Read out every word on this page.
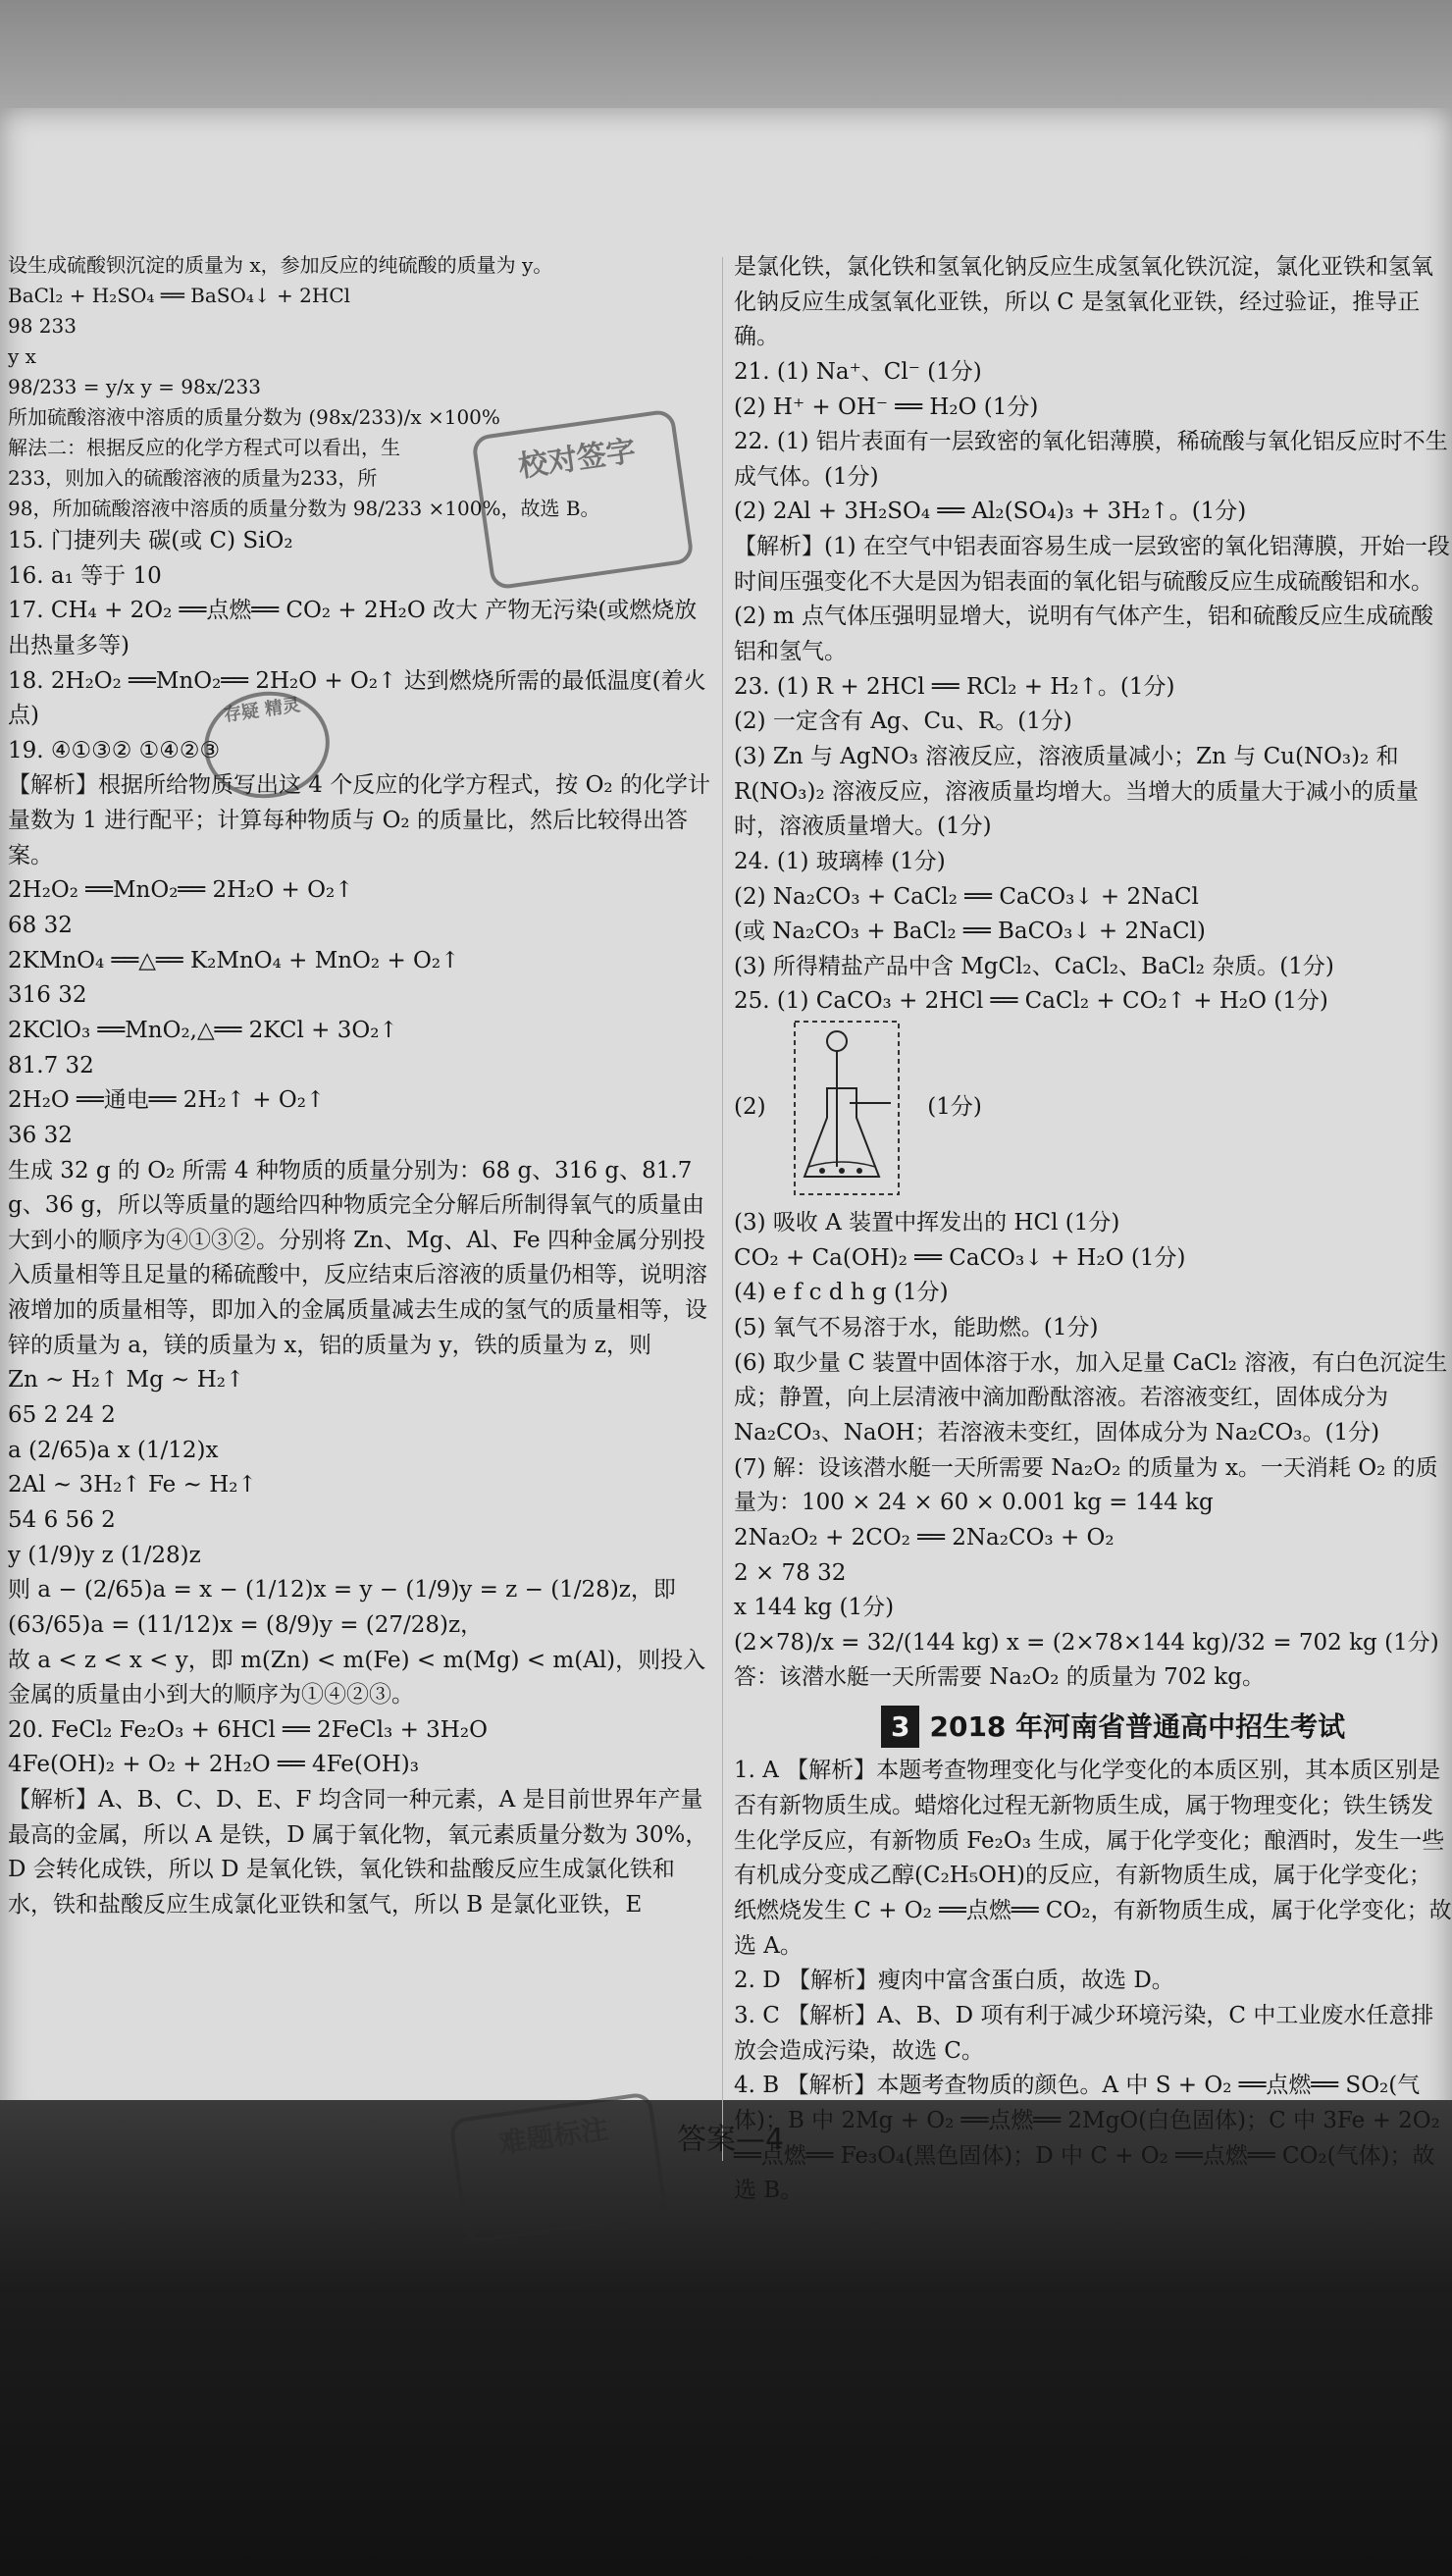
设生成硫酸钡沉淀的质量为 x，参加反应的纯硫酸的质量为 y。

BaCl₂ + H₂SO₄ ══ BaSO₄↓ + 2HCl

98 233

y x

98/233 = y/x y = 98x/233

所加硫酸溶液中溶质的质量分数为 (98x/233)/x ×100%

解法二：根据反应的化学方程式可以看出，生

233，则加入的硫酸溶液的质量为233，所

98，所加硫酸溶液中溶质的质量分数为 98/233 ×100%，故选 B。

15. 门捷列夫 碳(或 C) SiO₂

16. a₁ 等于 10

17. CH₄ + 2O₂ ══点燃══ CO₂ + 2H₂O 改大 产物无污染(或燃烧放出热量多等)

18. 2H₂O₂ ══MnO₂══ 2H₂O + O₂↑ 达到燃烧所需的最低温度(着火点)

19. ④①③② ①④②③

【解析】根据所给物质写出这 4 个反应的化学方程式，按 O₂ 的化学计量数为 1 进行配平；计算每种物质与 O₂ 的质量比，然后比较得出答案。

2H₂O₂ ══MnO₂══ 2H₂O + O₂↑

68 32

2KMnO₄ ══△══ K₂MnO₄ + MnO₂ + O₂↑

316 32

2KClO₃ ══MnO₂,△══ 2KCl + 3O₂↑

81.7 32

2H₂O ══通电══ 2H₂↑ + O₂↑

36 32

生成 32 g 的 O₂ 所需 4 种物质的质量分别为：68 g、316 g、81.7 g、36 g，所以等质量的题给四种物质完全分解后所制得氧气的质量由大到小的顺序为④①③②。分别将 Zn、Mg、Al、Fe 四种金属分别投入质量相等且足量的稀硫酸中，反应结束后溶液的质量仍相等，说明溶液增加的质量相等，即加入的金属质量减去生成的氢气的质量相等，设锌的质量为 a，镁的质量为 x，铝的质量为 y，铁的质量为 z，则

Zn ~ H₂↑ Mg ~ H₂↑

65 2 24 2

a (2/65)a x (1/12)x

2Al ~ 3H₂↑ Fe ~ H₂↑

54 6 56 2

y (1/9)y z (1/28)z

则 a − (2/65)a = x − (1/12)x = y − (1/9)y = z − (1/28)z，即 (63/65)a = (11/12)x = (8/9)y = (27/28)z，

故 a < z < x < y，即 m(Zn) < m(Fe) < m(Mg) < m(Al)，则投入金属的质量由小到大的顺序为①④②③。

20. FeCl₂ Fe₂O₃ + 6HCl ══ 2FeCl₃ + 3H₂O

4Fe(OH)₂ + O₂ + 2H₂O ══ 4Fe(OH)₃

【解析】A、B、C、D、E、F 均含同一种元素，A 是目前世界年产量最高的金属，所以 A 是铁，D 属于氧化物，氧元素质量分数为 30%，D 会转化成铁，所以 D 是氧化铁，氧化铁和盐酸反应生成氯化铁和水，铁和盐酸反应生成氯化亚铁和氢气，所以 B 是氯化亚铁，E

是氯化铁，氯化铁和氢氧化钠反应生成氢氧化铁沉淀，氯化亚铁和氢氧化钠反应生成氢氧化亚铁，所以 C 是氢氧化亚铁，经过验证，推导正确。

21. (1) Na⁺、Cl⁻ (1分)

(2) H⁺ + OH⁻ ══ H₂O (1分)

22. (1) 铝片表面有一层致密的氧化铝薄膜，稀硫酸与氧化铝反应时不生成气体。(1分)

(2) 2Al + 3H₂SO₄ ══ Al₂(SO₄)₃ + 3H₂↑。(1分)

【解析】(1) 在空气中铝表面容易生成一层致密的氧化铝薄膜，开始一段时间压强变化不大是因为铝表面的氧化铝与硫酸反应生成硫酸铝和水。(2) m 点气体压强明显增大，说明有气体产生，铝和硫酸反应生成硫酸铝和氢气。

23. (1) R + 2HCl ══ RCl₂ + H₂↑。(1分)

(2) 一定含有 Ag、Cu、R。(1分)

(3) Zn 与 AgNO₃ 溶液反应，溶液质量减小；Zn 与 Cu(NO₃)₂ 和 R(NO₃)₂ 溶液反应，溶液质量均增大。当增大的质量大于减小的质量时，溶液质量增大。(1分)

24. (1) 玻璃棒 (1分)

(2) Na₂CO₃ + CaCl₂ ══ CaCO₃↓ + 2NaCl

(或 Na₂CO₃ + BaCl₂ ══ BaCO₃↓ + 2NaCl)

(3) 所得精盐产品中含 MgCl₂、CaCl₂、BaCl₂ 杂质。(1分)

25. (1) CaCO₃ + 2HCl ══ CaCl₂ + CO₂↑ + H₂O (1分)

(2)	(1分)

(3) 吸收 A 装置中挥发出的 HCl (1分)

CO₂ + Ca(OH)₂ ══ CaCO₃↓ + H₂O (1分)

(4) e f c d h g (1分)

(5) 氧气不易溶于水，能助燃。(1分)

(6) 取少量 C 装置中固体溶于水，加入足量 CaCl₂ 溶液，有白色沉淀生成；静置，向上层清液中滴加酚酞溶液。若溶液变红，固体成分为 Na₂CO₃、NaOH；若溶液未变红，固体成分为 Na₂CO₃。(1分)

(7) 解：设该潜水艇一天所需要 Na₂O₂ 的质量为 x。一天消耗 O₂ 的质量为：100 × 24 × 60 × 0.001 kg = 144 kg

2Na₂O₂ + 2CO₂ ══ 2Na₂CO₃ + O₂

2 × 78 32

x 144 kg (1分)

(2×78)/x = 32/(144 kg) x = (2×78×144 kg)/32 = 702 kg (1分)

答：该潜水艇一天所需要 Na₂O₂ 的质量为 702 kg。

3 2018 年河南省普通高中招生考试

1. A 【解析】本题考查物理变化与化学变化的本质区别，其本质区别是否有新物质生成。蜡熔化过程无新物质生成，属于物理变化；铁生锈发生化学反应，有新物质 Fe₂O₃ 生成，属于化学变化；酿酒时，发生一些有机成分变成乙醇(C₂H₅OH)的反应，有新物质生成，属于化学变化；纸燃烧发生 C + O₂ ══点燃══ CO₂，有新物质生成，属于化学变化；故选 A。

2. D 【解析】瘦肉中富含蛋白质，故选 D。

3. C 【解析】A、B、D 项有利于减少环境污染，C 中工业废水任意排放会造成污染，故选 C。

4. B 【解析】本题考查物质的颜色。A 中 S + O₂ ══点燃══ SO₂(气体)；B 中 2Mg + O₂ ══点燃══ 2MgO(白色固体)；C 中 3Fe + 2O₂ ══点燃══ Fe₃O₄(黑色固体)；D 中 C + O₂ ══点燃══ CO₂(气体)；故选 B。

校对签字
存疑 精灵
难题标注	答案—4
